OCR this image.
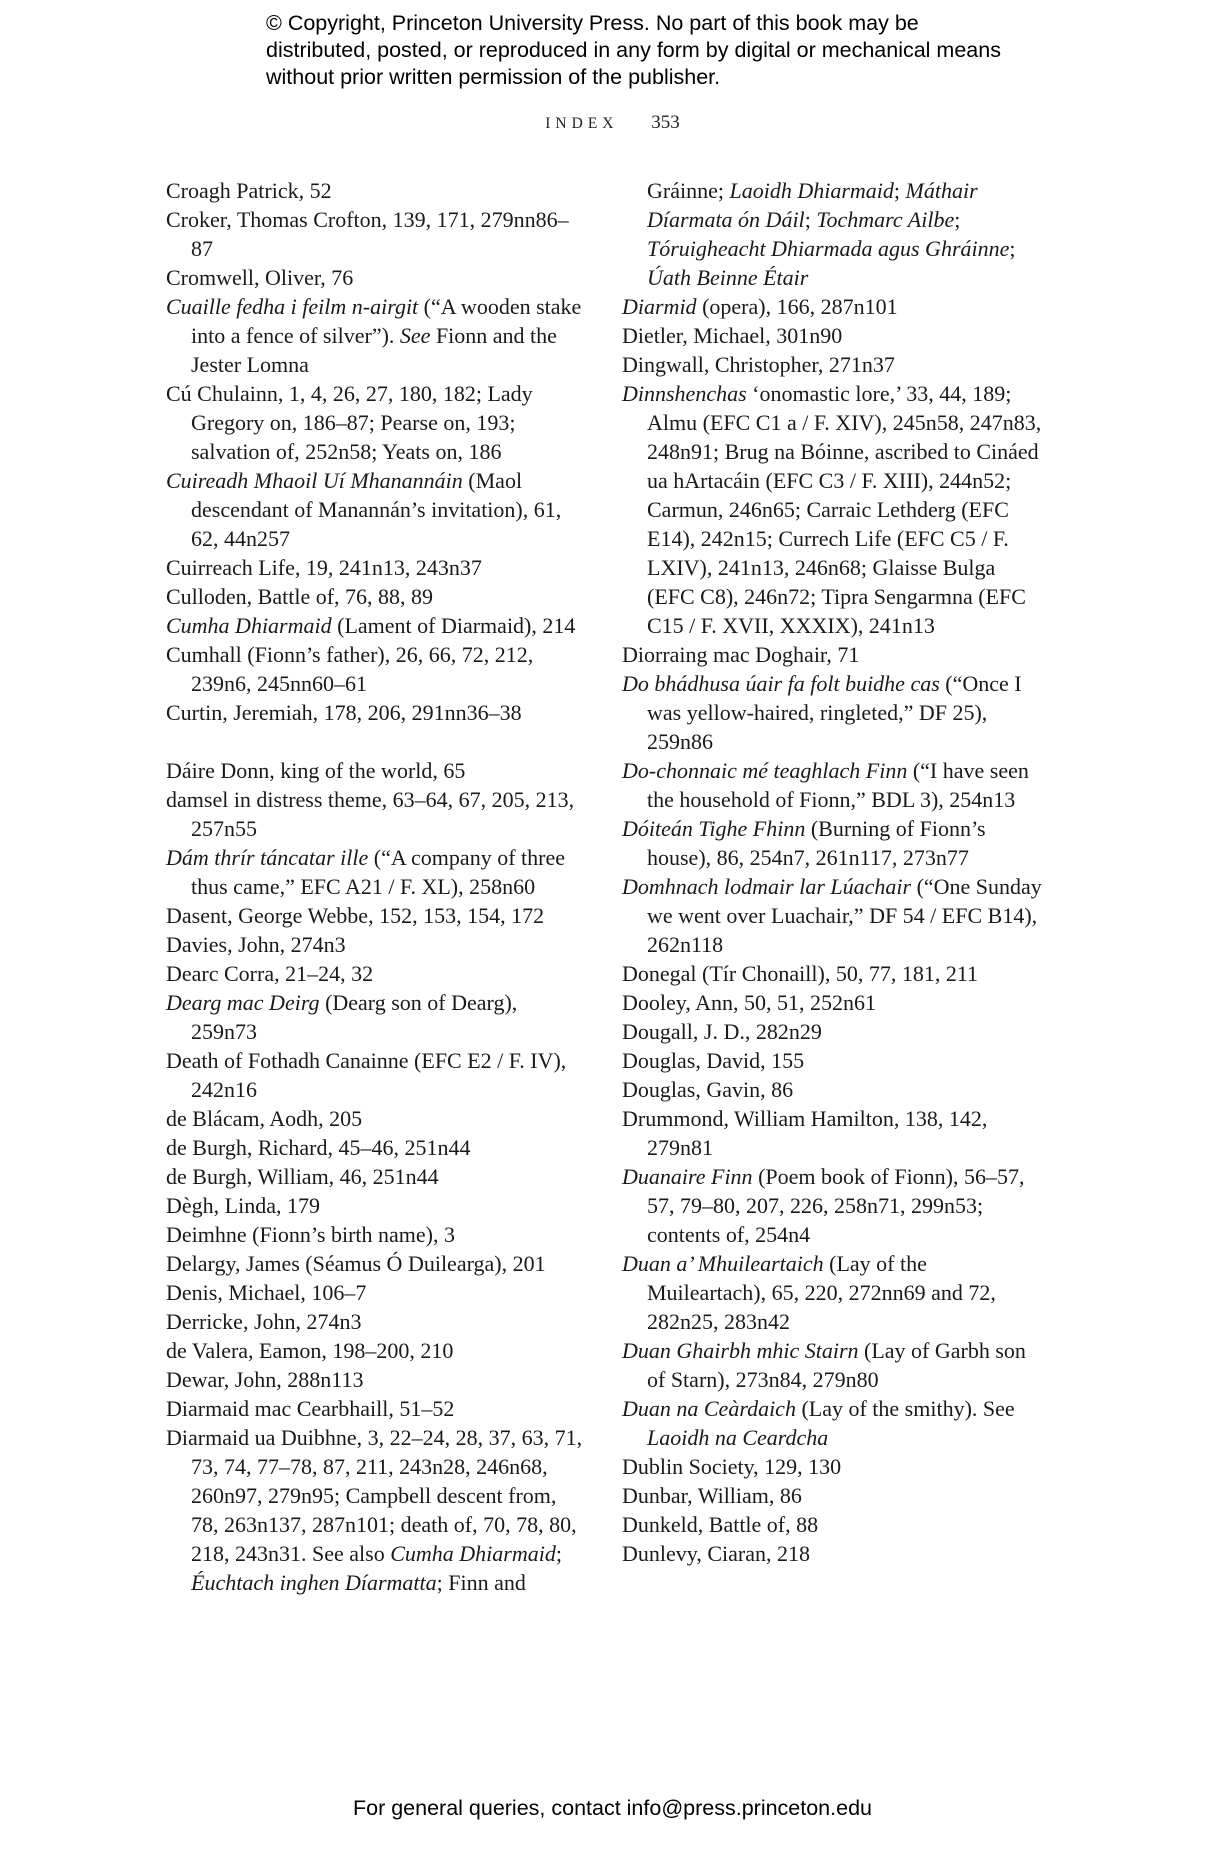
© Copyright, Princeton University Press. No part of this book may be distributed, posted, or reproduced in any form by digital or mechanical means without prior written permission of the publisher.
INDEX 353
Croagh Patrick, 52
Croker, Thomas Crofton, 139, 171, 279nn86–87
Cromwell, Oliver, 76
Cuaille fedha i feilm n-airgit (“A wooden stake into a fence of silver”). See Fionn and the Jester Lomna
Cú Chulainn, 1, 4, 26, 27, 180, 182; Lady Gregory on, 186–87; Pearse on, 193; salvation of, 252n58; Yeats on, 186
Cuireadh Mhaoil Uí Mhanannáin (Maol descendant of Manannán’s invitation), 61, 62, 44n257
Cuirreach Life, 19, 241n13, 243n37
Culloden, Battle of, 76, 88, 89
Cumha Dhiarmaid (Lament of Diarmaid), 214
Cumhall (Fionn’s father), 26, 66, 72, 212, 239n6, 245nn60–61
Curtin, Jeremiah, 178, 206, 291nn36–38
Dáire Donn, king of the world, 65
damsel in distress theme, 63–64, 67, 205, 213, 257n55
Dám thrír táncatar ille (“A company of three thus came,” EFC A21 / F. XL), 258n60
Dasent, George Webbe, 152, 153, 154, 172
Davies, John, 274n3
Dearc Corra, 21–24, 32
Dearg mac Deirg (Dearg son of Dearg), 259n73
Death of Fothadh Canainne (EFC E2 / F. IV), 242n16
de Blácam, Aodh, 205
de Burgh, Richard, 45–46, 251n44
de Burgh, William, 46, 251n44
Dègh, Linda, 179
Deimhne (Fionn’s birth name), 3
Delargy, James (Séamus Ó Duilearga), 201
Denis, Michael, 106–7
Derricke, John, 274n3
de Valera, Eamon, 198–200, 210
Dewar, John, 288n113
Diarmaid mac Cearbhaill, 51–52
Diarmaid ua Duibhne, 3, 22–24, 28, 37, 63, 71, 73, 74, 77–78, 87, 211, 243n28, 246n68, 260n97, 279n95; Campbell descent from, 78, 263n137, 287n101; death of, 70, 78, 80, 218, 243n31. See also Cumha Dhiarmaid; Éuchtach inghen Díarmatta; Finn and
Gráinne; Laoidh Dhiarmaid; Máthair Díarmata ón Dáil; Tochmarc Ailbe; Tóruigheacht Dhiarmada agus Ghráinne; Úath Beinne Étair
Diarmid (opera), 166, 287n101
Dietler, Michael, 301n90
Dingwall, Christopher, 271n37
Dinnshenchas ‘onomastic lore,’ 33, 44, 189; Almu (EFC C1 a / F. XIV), 245n58, 247n83, 248n91; Brug na Bóinne, ascribed to Cináed ua hArtacáin (EFC C3 / F. XIII), 244n52; Carmun, 246n65; Carraic Lethderg (EFC E14), 242n15; Currech Life (EFC C5 / F. LXIV), 241n13, 246n68; Glaisse Bulga (EFC C8), 246n72; Tipra Sengarmna (EFC C15 / F. XVII, XXXIX), 241n13
Diorraing mac Doghair, 71
Do bhádhusa úair fa folt buidhe cas (“Once I was yellow-haired, ringleted,” DF 25), 259n86
Do-chonnaic mé teaghlach Finn (“I have seen the household of Fionn,” BDL 3), 254n13
Dóiteán Tighe Fhinn (Burning of Fionn’s house), 86, 254n7, 261n117, 273n77
Domhnach lodmair lar Lúachair (“One Sunday we went over Luachair,” DF 54 / EFC B14), 262n118
Donegal (Tír Chonaill), 50, 77, 181, 211
Dooley, Ann, 50, 51, 252n61
Dougall, J. D., 282n29
Douglas, David, 155
Douglas, Gavin, 86
Drummond, William Hamilton, 138, 142, 279n81
Duanaire Finn (Poem book of Fionn), 56–57, 57, 79–80, 207, 226, 258n71, 299n53; contents of, 254n4
Duan a’ Mhuileartaich (Lay of the Muileartach), 65, 220, 272nn69 and 72, 282n25, 283n42
Duan Ghairbh mhic Stairn (Lay of Garbh son of Starn), 273n84, 279n80
Duan na Ceàrdaich (Lay of the smithy). See Laoidh na Ceardcha
Dublin Society, 129, 130
Dunbar, William, 86
Dunkeld, Battle of, 88
Dunlevy, Ciaran, 218
For general queries, contact info@press.princeton.edu
